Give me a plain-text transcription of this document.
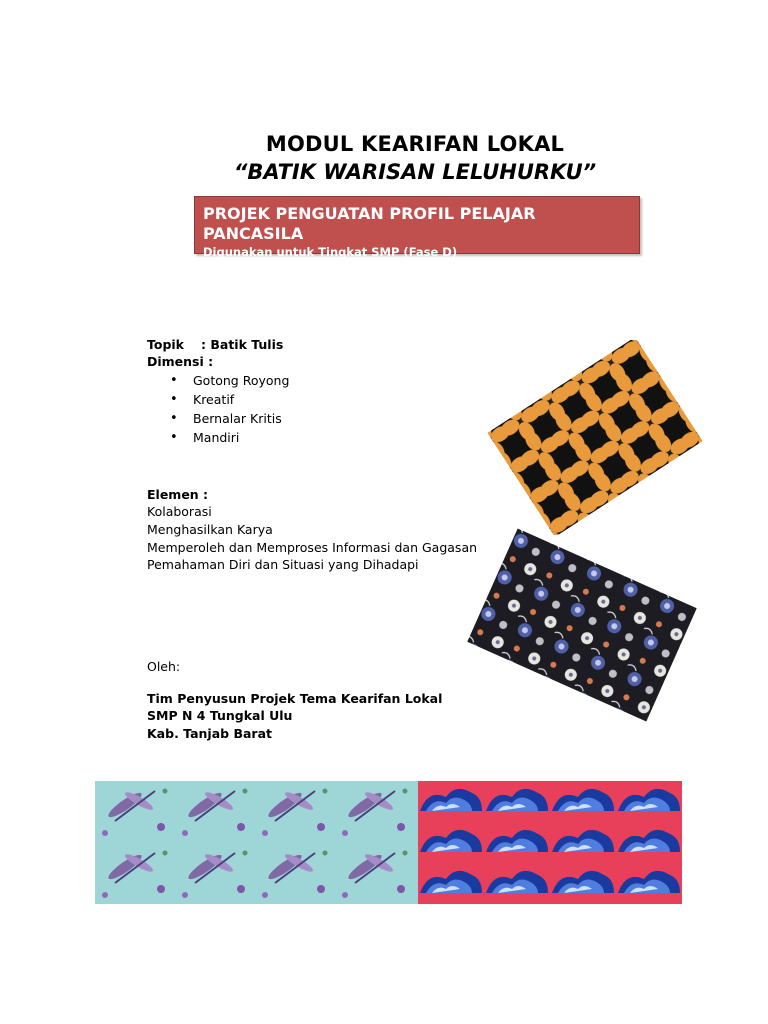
MODUL KEARIFAN LOKAL
“BATIK WARISAN LELUHURKU”
PROJEK PENGUATAN PROFIL PELAJAR PANCASILA
Digunakan untuk Tingkat SMP (Fase D)
Topik : Batik Tulis
Dimensi :
• Gotong Royong
• Kreatif
• Bernalar Kritis
• Mandiri
Elemen :
Kolaborasi
Menghasilkan Karya
Memperoleh dan Memproses Informasi dan Gagasan
Pemahaman Diri dan Situasi yang Dihadapi
Oleh:
Tim Penyusun Projek Tema Kearifan Lokal
SMP N 4 Tungkal Ulu
Kab. Tanjab Barat
